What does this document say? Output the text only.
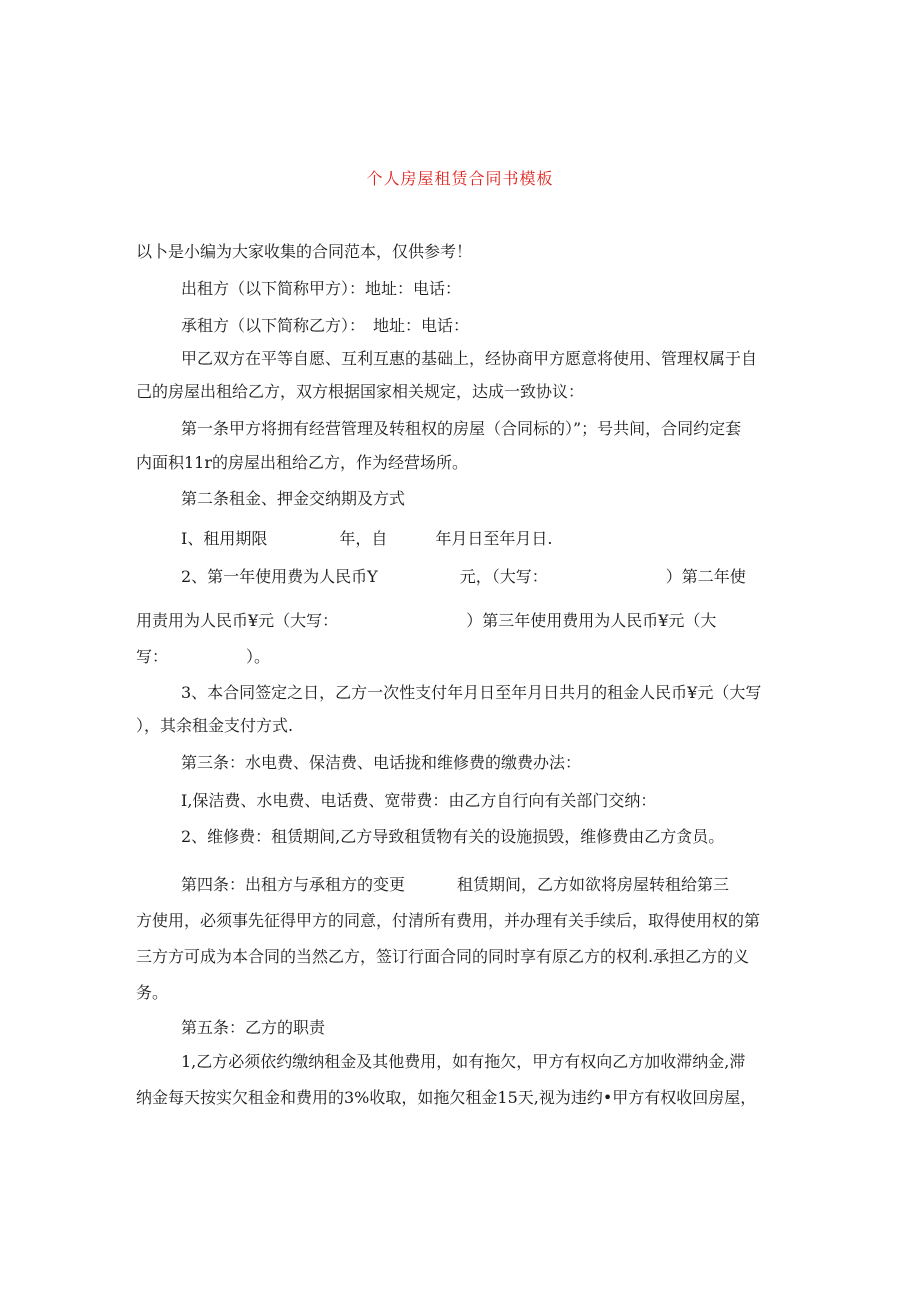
个人房屋租赁合同书模板

以卜是小编为大家收集的合同范本，仅供参考！

出租方（以下简称甲方）：地址：电话：

承租方（以下简称乙方）：　地址：电话：

甲乙双方在平等自愿、互利互惠的基础上，经协商甲方愿意将使用、管理权属于自

己的房屋出租给乙方，双方根据国家相关规定，达成一致协议：

第一条甲方将拥有经营管理及转租权的房屋（合同标的）”；号共间，合同约定套

内面积11r的房屋出租给乙方，作为经营场所。

第二条租金、押金交纳期及方式

I、租用期限	年，自	年月日至年月日.

2、第一年使用费为人民币Y	元，（大写：	）第二年使

用责用为人民币¥元（大写：	）第三年使用费用为人民币¥元（大

写：	）。

3、本合同签定之日，乙方一次性支付年月日至年月日共月的租金人民币¥元（大写

），其余租金支付方式.

第三条：水电费、保洁费、电话拢和维修费的缴费办法：

I,保洁费、水电费、电话费、宽带费：由乙方自行向有关部门交纳：

2、维修费：租赁期间,乙方导致租赁物有关的设施损毁，维修费由乙方贪员。

第四条：出租方与承租方的变更	租赁期间，乙方如欲将房屋转租给第三

方使用，必须事先征得甲方的同意，付清所有费用，并办理有关手续后，取得使用权的第

三方方可成为本合同的当然乙方，签订行面合同的同时享有原乙方的权利.承担乙方的义

务。

第五条：乙方的职责

1,乙方必须依约缴纳租金及其他费用，如有拖欠，甲方有权向乙方加收滞纳金,滞

纳金每天按实欠租金和费用的3%收取，如拖欠租金15天,视为违约•甲方有权收回房屋，
